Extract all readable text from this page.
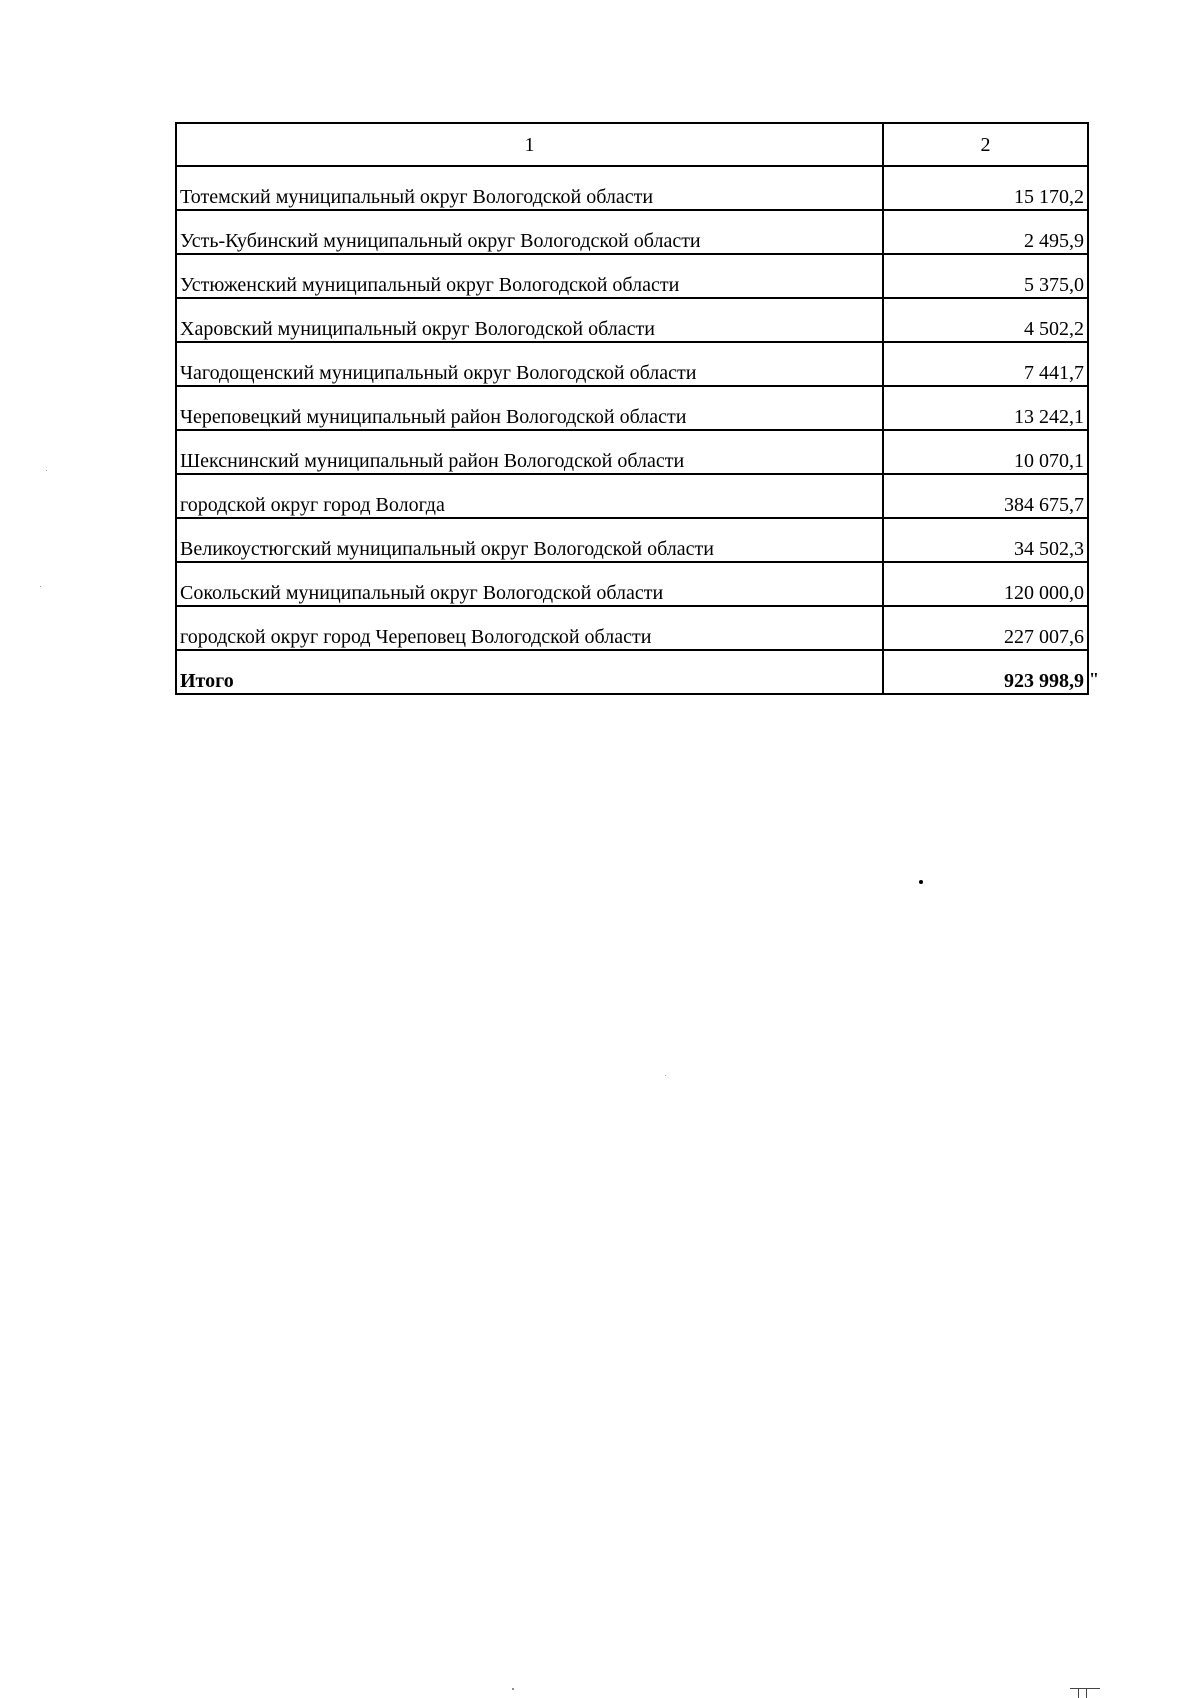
1	2
Тотемский муниципальный округ Вологодской области	15 170,2
Усть-Кубинский муниципальный округ Вологодской области	2 495,9
Устюженский муниципальный округ Вологодской области	5 375,0
Харовский муниципальный округ Вологодской области	4 502,2
Чагодощенский муниципальный округ Вологодской области	7 441,7
Череповецкий муниципальный район Вологодской области	13 242,1
Шекснинский муниципальный район Вологодской области	10 070,1
городской округ город Вологда	384 675,7
Великоустюгский муниципальный округ Вологодской области	34 502,3
Сокольский муниципальный округ Вологодской области	120 000,0
городской округ город Череповец Вологодской области	227 007,6
Итого	923 998,9 "
